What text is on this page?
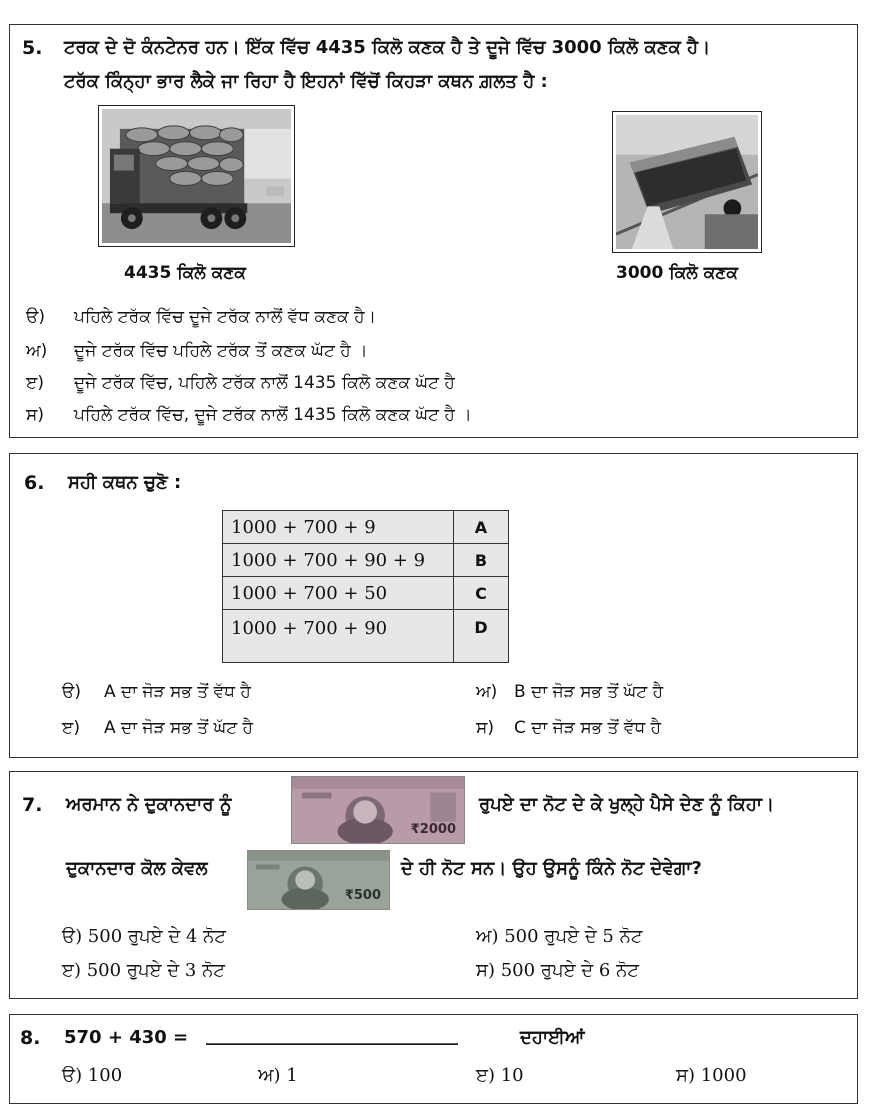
5. ਟਰਕ ਦੇ ਦੋ ਕੰਨਟੇਨਰ ਹਨ। ਇੱਕ ਵਿੱਚ 4435 ਕਿਲੋ ਕਣਕ ਹੈ ਤੇ ਦੂਜੇ ਵਿੱਚ 3000 ਕਿਲੋ ਕਣਕ ਹੈ।
ਟਰੱਕ ਕਿੰਨ੍ਹਾ ਭਾਰ ਲੈਕੇ ਜਾ ਰਿਹਾ ਹੈ ਇਹਨਾਂ ਵਿੱਚੋਂ ਕਿਹੜਾ ਕਥਨ ਗ਼ਲਤ ਹੈ :
4435 ਕਿਲੋ ਕਣਕ	3000 ਕਿਲੋ ਕਣਕ
ੳ) ਪਹਿਲੇ ਟਰੱਕ ਵਿੱਚ ਦੂਜੇ ਟਰੱਕ ਨਾਲੋਂ ਵੱਧ ਕਣਕ ਹੈ।
ਅ) ਦੂਜੇ ਟਰੱਕ ਵਿੱਚ ਪਹਿਲੇ ਟਰੱਕ ਤੋਂ ਕਣਕ ਘੱਟ ਹੈ ।
ੲ) ਦੂਜੇ ਟਰੱਕ ਵਿੱਚ, ਪਹਿਲੇ ਟਰੱਕ ਨਾਲੋਂ 1435 ਕਿਲੋ ਕਣਕ ਘੱਟ ਹੈ
ਸ) ਪਹਿਲੇ ਟਰੱਕ ਵਿੱਚ, ਦੂਜੇ ਟਰੱਕ ਨਾਲੋਂ 1435 ਕਿਲੋ ਕਣਕ ਘੱਟ ਹੈ ।
6. ਸਹੀ ਕਥਨ ਚੁਣੋ :
1000 + 700 + 9	A
1000 + 700 + 90 + 9	B
1000 + 700 + 50	C
1000 + 700 + 90	D
ੳ) A ਦਾ ਜੋੜ ਸਭ ਤੋਂ ਵੱਧ ਹੈ	ਅ) B ਦਾ ਜੋੜ ਸਭ ਤੋਂ ਘੱਟ ਹੈ
ੲ) A ਦਾ ਜੋੜ ਸਭ ਤੋਂ ਘੱਟ ਹੈ	ਸ) C ਦਾ ਜੋੜ ਸਭ ਤੋਂ ਵੱਧ ਹੈ
7. ਅਰਮਾਨ ਨੇ ਦੁਕਾਨਦਾਰ ਨੂੰ
₹2000
ਰੁਪਏ ਦਾ ਨੋਟ ਦੇ ਕੇ ਖੁਲ੍ਹੇ ਪੈਸੇ ਦੇਣ ਨੂੰ ਕਿਹਾ।
ਦੁਕਾਨਦਾਰ ਕੋਲ ਕੇਵਲ
₹500
ਦੇ ਹੀ ਨੋਟ ਸਨ। ਉਹ ਉਸਨੂੰ ਕਿੰਨੇ ਨੋਟ ਦੇਵੇਗਾ?
ੳ) 500 ਰੁਪਏ ਦੇ 4 ਨੋਟ	ਅ) 500 ਰੁਪਏ ਦੇ 5 ਨੋਟ
ੲ) 500 ਰੁਪਏ ਦੇ 3 ਨੋਟ	ਸ) 500 ਰੁਪਏ ਦੇ 6 ਨੋਟ
8. 570 + 430 = ____________________________	ਦਹਾਈਆਂ
ੳ) 100	ਅ) 1	ੲ) 10	ਸ) 1000
